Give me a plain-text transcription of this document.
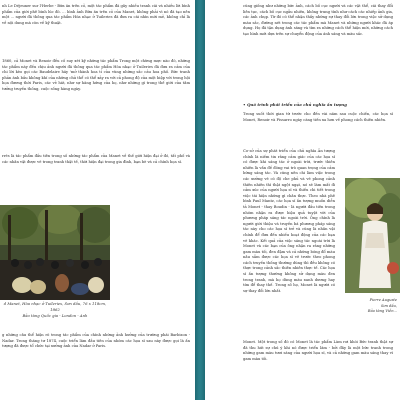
nh Le Déjeuner sur l'Herbe - Bữa ăn trên cỏ, một tác phẩm đã gây nhiều tranh cãi và nhiều lời bình phẩm của giới phê bình lúc đó. ... hình ảnh Bữa ăn trên cỏ của Manet, không phải vì nó đã tạo nên một ... người đã thông qua tác phẩm Hòa nhạc ở Tuileries đã đưa ra cái nhìn mới mẻ, không chỉ là về nội dung mà còn về kỹ thuật.

1860, cả Monet và Renoir đều cố suy xét kỹ những tác phẩm Trong một chừng mực nào đó, những tác phẩm này đều chịu ảnh người đã thông qua tác phẩm Hòa nhạc ở Tuileries đã đưa ra cảm của chi lời kèo gọi các Baudelaire hãy 'mở thành hoa tỉ của vùng những sắc cảu hoa phố. Bức tranh phản ánh bầu không khí của những chủ thể có thể xảy ra với cả phong độ của một hiệp với trong hội họa đương thời Paris, các vẻ hát, như sự hăng hứng của họ, như những gì trong thế giới của tâm tưởng truyền thống, cuộc sống hàng ngày.

rrés là tác phẩm đầu tiên trong số những tác phẩm của Manet về thế giới hiện đại ở đó, tất phố và các nhân vật được vẽ trong tranh thật tế, thời hiện đại trong gia đình, bạn bè và cả chính họa sĩ.

d Manet, Hòa nhạc ở Tuileries, Sơn dầu, 76 x 118cm, 1862
Bảo tàng Quốc gia - London - Anh

g những câu thể hiện rõ trong tác phẩm của chính những ảnh hưởng của trường phái Barbizon - Nadar. Trong tháng tư 1874, cuộc triển lãm đầu tiên của nhóm các họa sĩ sau này được gọi là ấn tượng đã được tổ chức tại xưởng ảnh của Nadar ở Paris.

cũng giống như những bức ảnh, cách bố cục người và các vật thể, cái thay đổi liên tục, cách bố cục ngẫu nhiên, không trung tính như cách các nhiếp ảnh gia, các ảnh chụp. Từ đó có thể nhận thấy những sự thay đổi lớn trong việc sử dụng màu sắc, đường nét trong các tác phẩm mà Manet và những người khác đã áp dụng. Họ đã tận dụng ánh sáng và tìm ra những cách thể hiện mới, những cách tạo hình mới dựa trên sự chuyển động của ánh sáng và màu sắc.

• Quá trình phát triển của chủ nghĩa ấn tượng

Trong suốt thời gian từ trước cho đến vài năm sau cuộc chiến, các họa sĩ Monet, Renoir và Pissarro ngày càng tiến xa hơn về phong cách thiên nhiên.

Cơ sở của sự phát triển của chủ nghĩa Ấn tượng chính là niềm tin rằng cảm giác của các họa sĩ có được khi sáng tác ở ngoài trời, trước thiên nhiên là vấn đề đóng vai trò quan trọng của cảm hứng sáng tác. Và cũng nên chi làm việc trong các xưởng vẽ có độ che phủ và vẽ phong cảnh thiên nhiên thì thật ngột ngạt, nó sẽ làm mất đi cảm xúc của người họa sĩ và thiếu chi tiết trong việc tái hiện những gì chân thực. Theo nhà phê bình Paul Mantz, các họa sĩ ấn tượng muốn diễn tả Monet - thay Boudin - là người đầu tiên trong nhóm nhận ra được hiệu quả tuyệt vời của phương pháp sáng tác ngoài trời. Ông chính là người giới thiệu và truyền bá phương pháp sáng tác này cho các họa sĩ trẻ và cũng là nhân vật chính để đưa đến nhiều hoạt động của các bạn vẽ khác. Kết quả của việc sáng tác ngoài trời là Monet và các bạn của ông nhận ra rằng những gam màu tối, đen đậm và cả những bóng đổ màu nâu sẫm được các họa sĩ vẽ trước theo phong cách truyền thống thường dùng thì đều không có thực trong cảnh sắc thiên nhiên thực tế. Các họa sĩ ấn tượng thường không sử dụng màu đen trong tranh, mà họ dùng màu xanh dương hay tím để thay thế. Trong số họ, Monet là người có sự thay đổi lớn nhất.

Pierre Auguste
Sơn dầu,
Bảo tàng Viễn...

Monet. Một trong số đó có Monet là tác phẩm Làm rơi khói Bức tranh thật sự đã thu hút sự chú ý khi nó được triển lãm - bởi đây là một bức tranh trong những gam màu tươi sáng của người họa sĩ, và cả những gam màu sáng thay vì gam màu tối.
